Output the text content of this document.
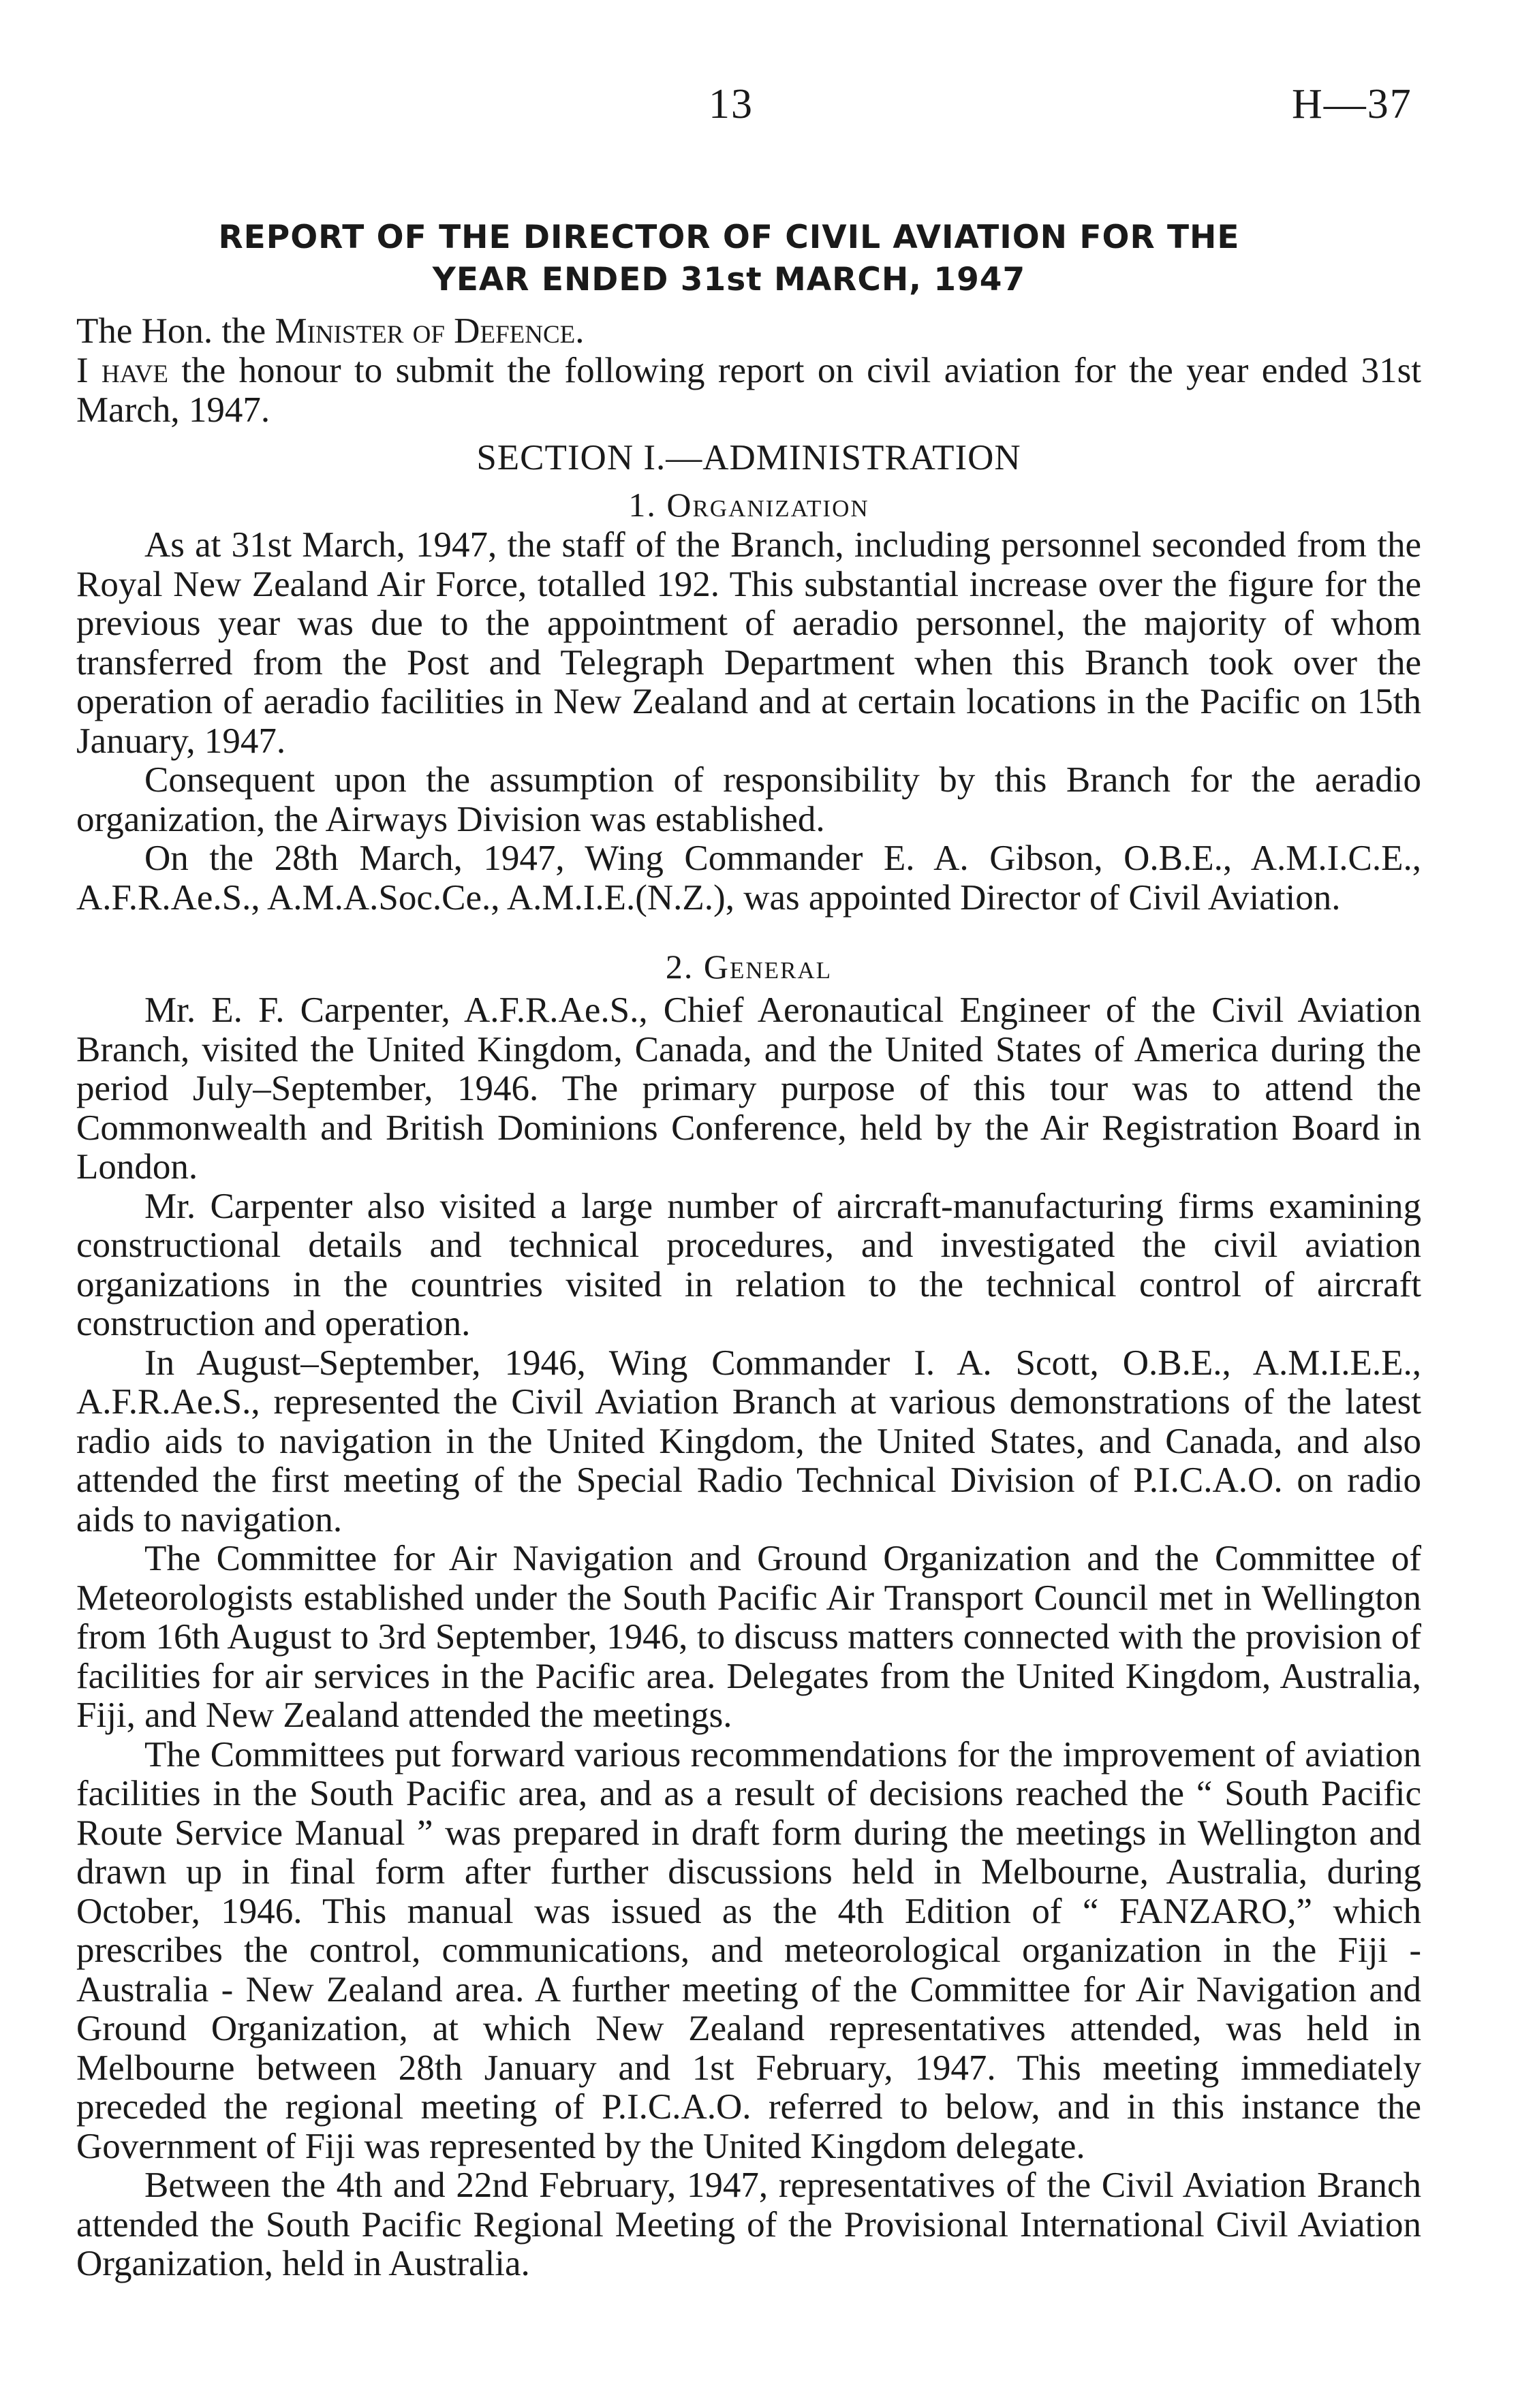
13	H—37
REPORT OF THE DIRECTOR OF CIVIL AVIATION FOR THE
YEAR ENDED 31st MARCH, 1947
The Hon. the Minister of Defence.

I have the honour to submit the following report on civil aviation for the year ended 31st March, 1947.

SECTION I.—ADMINISTRATION
1. Organization

As at 31st March, 1947, the staff of the Branch, including personnel seconded from the Royal New Zealand Air Force, totalled 192. This substantial increase over the figure for the previous year was due to the appointment of aeradio personnel, the majority of whom transferred from the Post and Telegraph Department when this Branch took over the operation of aeradio facilities in New Zealand and at certain locations in the Pacific on 15th January, 1947.

Consequent upon the assumption of responsibility by this Branch for the aeradio organization, the Airways Division was established.

On the 28th March, 1947, Wing Commander E. A. Gibson, O.B.E., A.M.I.C.E., A.F.R.Ae.S., A.M.A.Soc.Ce., A.M.I.E.(N.Z.), was appointed Director of Civil Aviation.

2. General

Mr. E. F. Carpenter, A.F.R.Ae.S., Chief Aeronautical Engineer of the Civil Aviation Branch, visited the United Kingdom, Canada, and the United States of America during the period July–September, 1946. The primary purpose of this tour was to attend the Commonwealth and British Dominions Conference, held by the Air Registration Board in London.

Mr. Carpenter also visited a large number of aircraft-manufacturing firms examining constructional details and technical procedures, and investigated the civil aviation organizations in the countries visited in relation to the technical control of aircraft construction and operation.

In August–September, 1946, Wing Commander I. A. Scott, O.B.E., A.M.I.E.E., A.F.R.Ae.S., represented the Civil Aviation Branch at various demonstrations of the latest radio aids to navigation in the United Kingdom, the United States, and Canada, and also attended the first meeting of the Special Radio Technical Division of P.I.C.A.O. on radio aids to navigation.

The Committee for Air Navigation and Ground Organization and the Committee of Meteorologists established under the South Pacific Air Transport Council met in Wellington from 16th August to 3rd September, 1946, to discuss matters connected with the provision of facilities for air services in the Pacific area. Delegates from the United Kingdom, Australia, Fiji, and New Zealand attended the meetings.

The Committees put forward various recommendations for the improvement of aviation facilities in the South Pacific area, and as a result of decisions reached the “ South Pacific Route Service Manual ” was prepared in draft form during the meetings in Wellington and drawn up in final form after further discussions held in Melbourne, Australia, during October, 1946. This manual was issued as the 4th Edition of “ FANZARO,” which prescribes the control, communications, and meteorological organization in the Fiji - Australia - New Zealand area. A further meeting of the Committee for Air Navigation and Ground Organization, at which New Zealand representatives attended, was held in Melbourne between 28th January and 1st February, 1947. This meeting immediately preceded the regional meeting of P.I.C.A.O. referred to below, and in this instance the Government of Fiji was represented by the United Kingdom delegate.

Between the 4th and 22nd February, 1947, representatives of the Civil Aviation Branch attended the South Pacific Regional Meeting of the Provisional International Civil Aviation Organization, held in Australia.
